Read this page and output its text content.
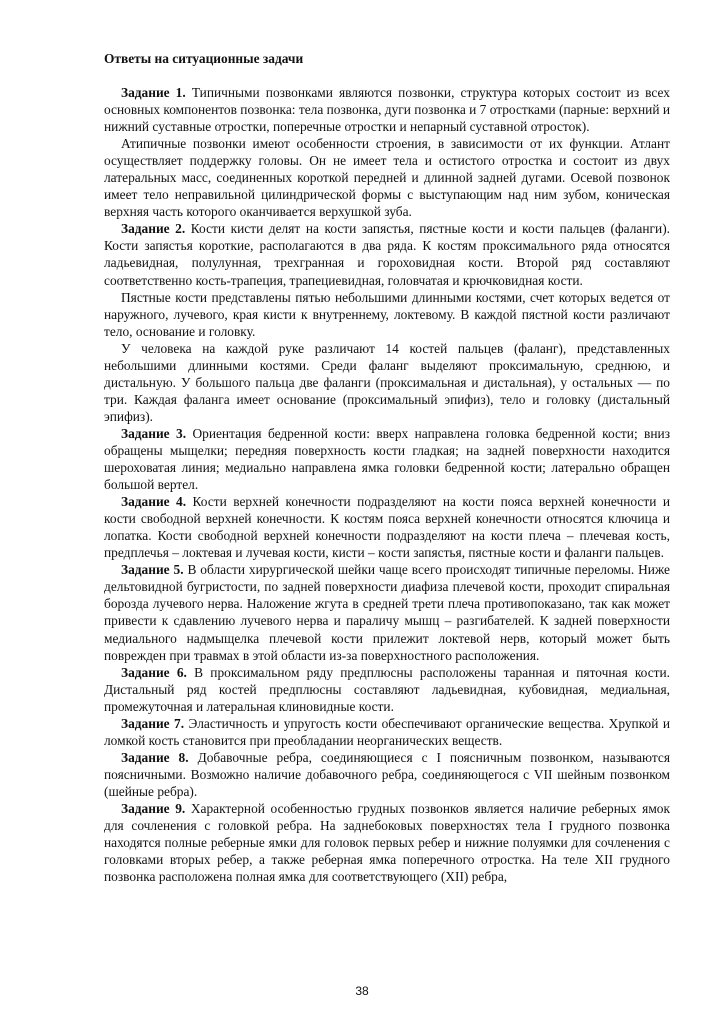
Ответы на ситуационные задачи

Задание 1. Типичными позвонками являются позвонки, структура которых состоит из всех основных компонентов позвонка: тела позвонка, дуги позвонка и 7 отростками (парные: верхний и нижний суставные отростки, поперечные отростки и непарный суставной отросток).

Атипичные позвонки имеют особенности строения, в зависимости от их функции. Атлант осуществляет поддержку головы. Он не имеет тела и остистого отростка и состоит из двух латеральных масс, соединенных короткой передней и длинной задней дугами. Осевой позвонок имеет тело неправильной цилиндрической формы с выступающим над ним зубом, коническая верхняя часть которого оканчивается верхушкой зуба.

Задание 2. Кости кисти делят на кости запястья, пястные кости и кости пальцев (фаланги). Кости запястья короткие, располагаются в два ряда. К костям проксимального ряда относятся ладьевидная, полулунная, трехгранная и гороховидная кости. Второй ряд составляют соответственно кость-трапеция, трапециевидная, головчатая и крючковидная кости.

Пястные кости представлены пятью небольшими длинными костями, счет которых ведется от наружного, лучевого, края кисти к внутреннему, локтевому. В каждой пястной кости различают тело, основание и головку.

У человека на каждой руке различают 14 костей пальцев (фаланг), представленных небольшими длинными костями. Среди фаланг выделяют проксимальную, среднюю, и дистальную. У большого пальца две фаланги (проксимальная и дистальная), у остальных — по три. Каждая фаланга имеет основание (проксимальный эпифиз), тело и головку (дистальный эпифиз).

Задание 3. Ориентация бедренной кости: вверх направлена головка бедренной кости; вниз обращены мыщелки; передняя поверхность кости гладкая; на задней поверхности находится шероховатая линия; медиально направлена ямка головки бедренной кости; латерально обращен большой вертел.

Задание 4. Кости верхней конечности подразделяют на кости пояса верхней конечности и кости свободной верхней конечности. К костям пояса верхней конечности относятся ключица и лопатка. Кости свободной верхней конечности подразделяют на кости плеча – плечевая кость, предплечья – локтевая и лучевая кости, кисти – кости запястья, пястные кости и фаланги пальцев.

Задание 5. В области хирургической шейки чаще всего происходят типичные переломы. Ниже дельтовидной бугристости, по задней поверхности диафиза плечевой кости, проходит спиральная борозда лучевого нерва. Наложение жгута в средней трети плеча противопоказано, так как может привести к сдавлению лучевого нерва и параличу мышц – разгибателей. К задней поверхности медиального надмыщелка плечевой кости прилежит локтевой нерв, который может быть поврежден при травмах в этой области из-за поверхностного расположения.

Задание 6. В проксимальном ряду предплюсны расположены таранная и пяточная кости. Дистальный ряд костей предплюсны составляют ладьевидная, кубовидная, медиальная, промежуточная и латеральная клиновидные кости.

Задание 7. Эластичность и упругость кости обеспечивают органические вещества. Хрупкой и ломкой кость становится при преобладании неорганических веществ.

Задание 8. Добавочные ребра, соединяющиеся с I поясничным позвонком, называются поясничными. Возможно наличие добавочного ребра, соединяющегося с VII шейным позвонком (шейные ребра).

Задание 9. Характерной особенностью грудных позвонков является наличие реберных ямок для сочленения с головкой ребра. На заднебоковых поверхностях тела I грудного позвонка находятся полные реберные ямки для головок первых ребер и нижние полуямки для сочленения с головками вторых ребер, а также реберная ямка поперечного отростка. На теле XII грудного позвонка расположена полная ямка для соответствующего (XII) ребра,

38
